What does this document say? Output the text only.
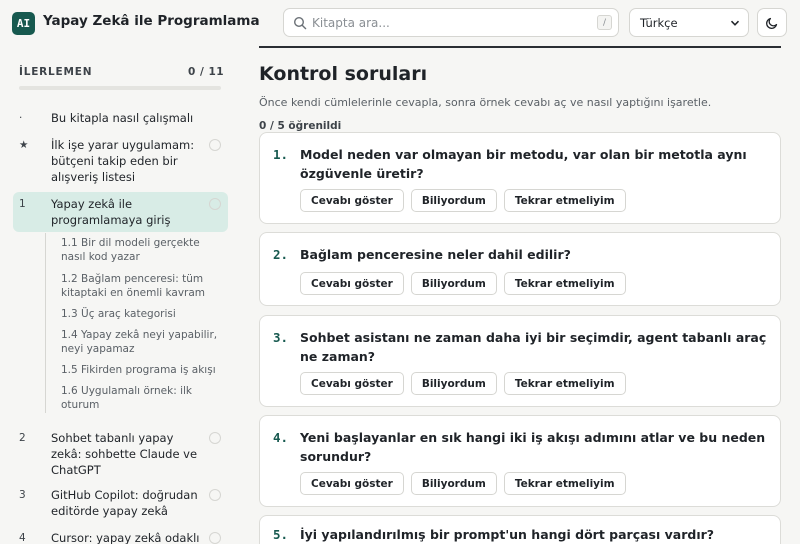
AI Yapay Zekâ ile Programlama
Kitapta ara...	/	Türkçe
İLERLEMEN	0 / 11
· Bu kitapla nasıl çalışmalı
★ İlk işe yarar uygulamam: bütçeni takip eden bir alışveriş listesi
1 Yapay zekâ ile programlamaya giriş
1.1 Bir dil modeli gerçekte nasıl kod yazar
1.2 Bağlam penceresi: tüm kitaptaki en önemli kavram
1.3 Üç araç kategorisi
1.4 Yapay zekâ neyi yapabilir, neyi yapamaz
1.5 Fikirden programa iş akışı
1.6 Uygulamalı örnek: ilk oturum
2 Sohbet tabanlı yapay zekâ: sohbette Claude ve ChatGPT
3 GitHub Copilot: doğrudan editörde yapay zekâ
4 Cursor: yapay zekâ odaklı
Kontrol soruları
Önce kendi cümlelerinle cevapla, sonra örnek cevabı aç ve nasıl yaptığını işaretle.
0 / 5 öğrenildi
1. Model neden var olmayan bir metodu, var olan bir metotla aynı özgüvenle üretir?
Cevabı göster	Biliyordum	Tekrar etmeliyim
2. Bağlam penceresine neler dahil edilir?
Cevabı göster	Biliyordum	Tekrar etmeliyim
3. Sohbet asistanı ne zaman daha iyi bir seçimdir, agent tabanlı araç ne zaman?
Cevabı göster	Biliyordum	Tekrar etmeliyim
4. Yeni başlayanlar en sık hangi iki iş akışı adımını atlar ve bu neden sorundur?
Cevabı göster	Biliyordum	Tekrar etmeliyim
5. İyi yapılandırılmış bir prompt'un hangi dört parçası vardır?
